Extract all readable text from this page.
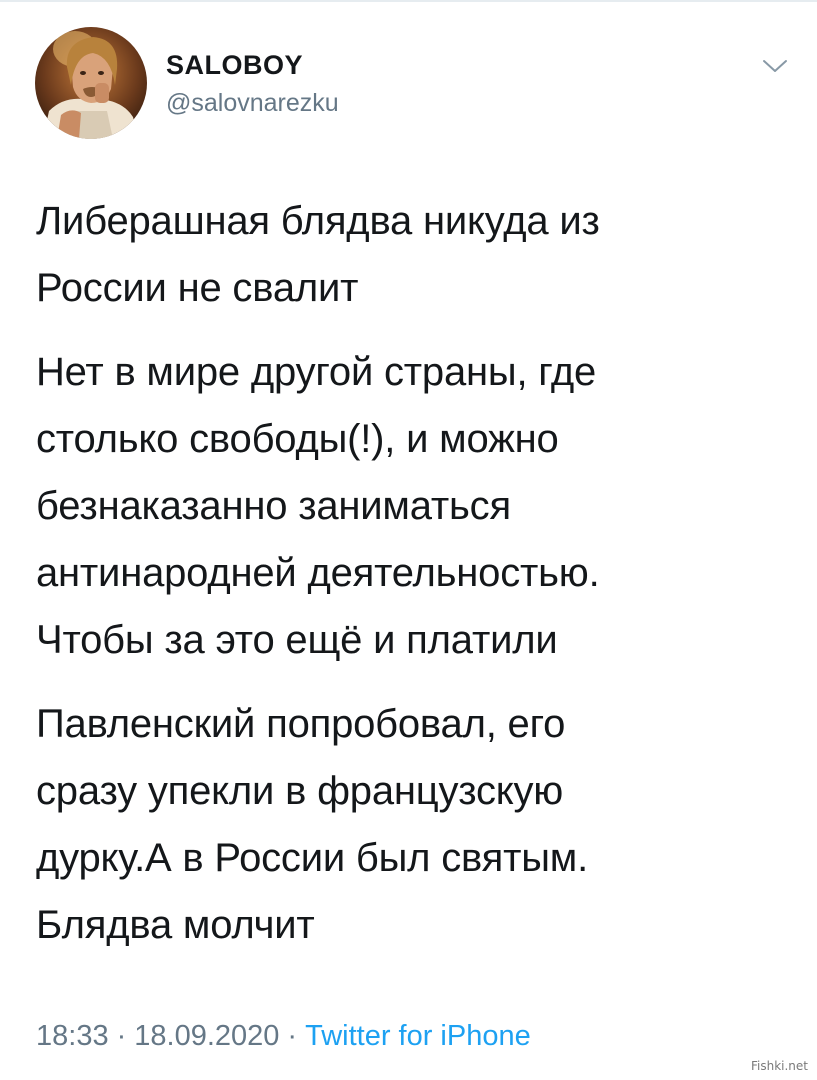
SALOBOY
@salovnarezku

Либерашная блядва никуда из
России не свалит

Нет в мире другой страны, где
столько свободы(!), и можно
безнаказанно заниматься
антинародней деятельностью.
Чтобы за это ещё и платили

Павленский попробовал, его
сразу упекли в французскую
дурку.А в России был святым.
Блядва молчит

18:33 · 18.09.2020 · Twitter for iPhone
Fishki.net
